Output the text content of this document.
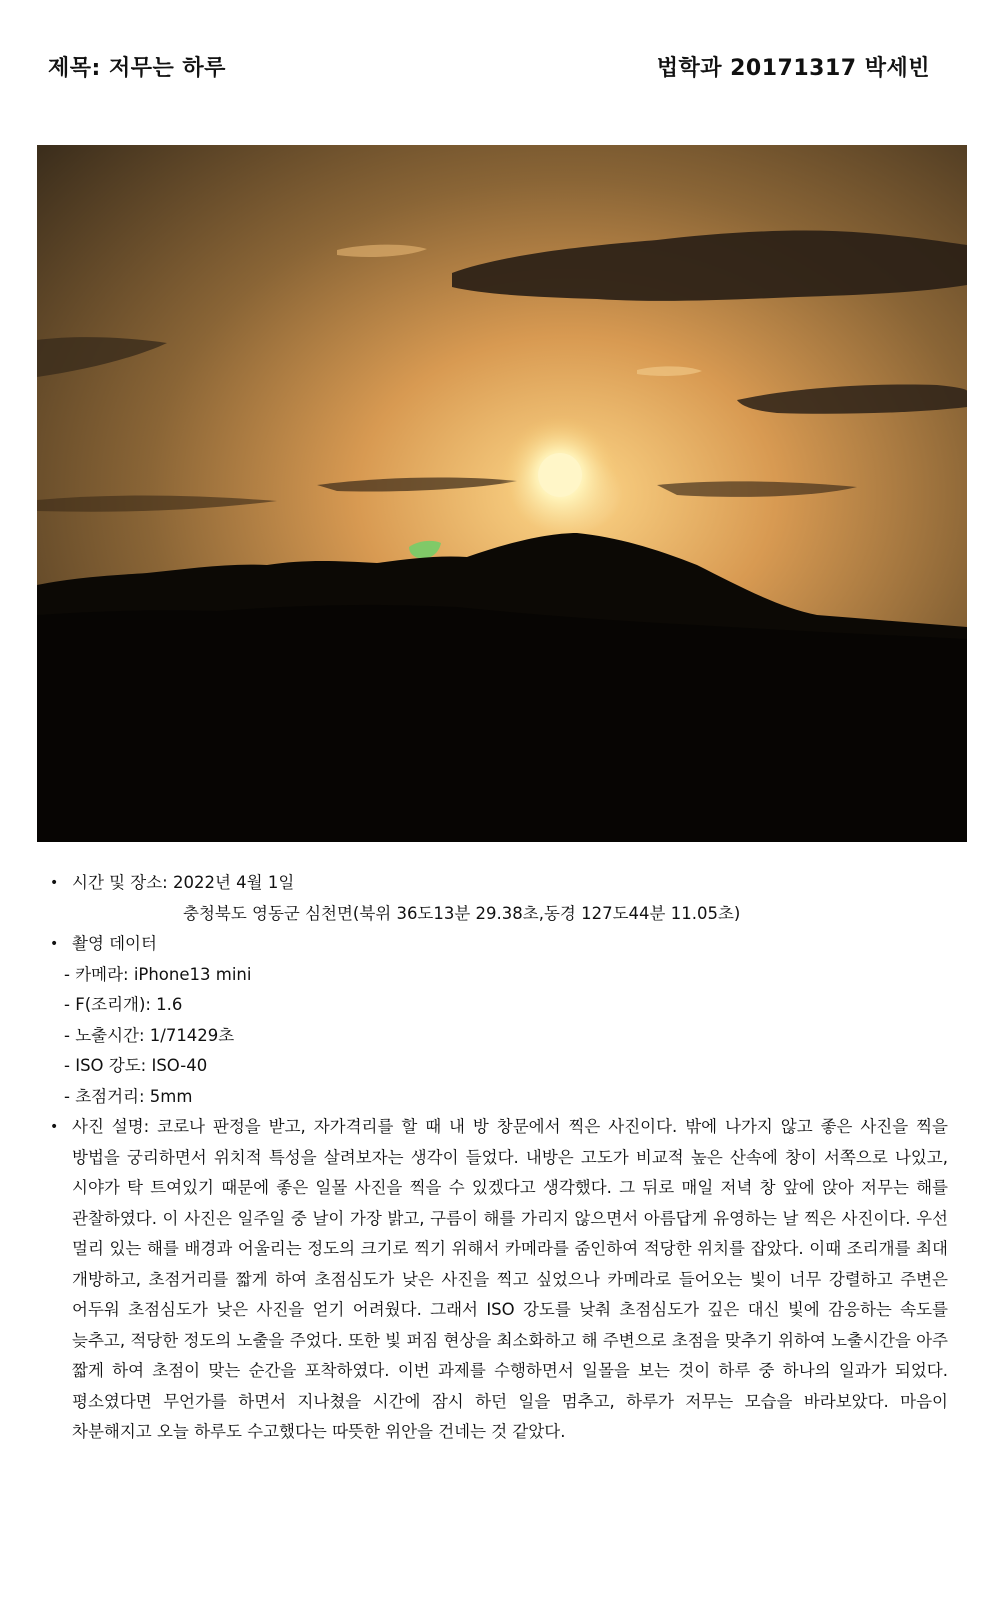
제목: 저무는 하루	법학과 20171317 박세빈
• 시간 및 장소: 2022년 4월 1일
충청북도 영동군 심천면(북위 36도13분 29.38초,동경 127도44분 11.05초)
• 촬영 데이터
- 카메라: iPhone13 mini
- F(조리개): 1.6
- 노출시간: 1/71429초
- ISO 강도: ISO-40
- 초점거리: 5mm
• 사진 설명: 코로나 판정을 받고, 자가격리를 할 때 내 방 창문에서 찍은 사진이다. 밖에 나가지 않고 좋은 사진을 찍을 방법을 궁리하면서 위치적 특성을 살려보자는 생각이 들었다. 내방은 고도가 비교적 높은 산속에 창이 서쪽으로 나있고, 시야가 탁 트여있기 때문에 좋은 일몰 사진을 찍을 수 있겠다고 생각했다. 그 뒤로 매일 저녁 창 앞에 앉아 저무는 해를 관찰하였다. 이 사진은 일주일 중 날이 가장 밝고, 구름이 해를 가리지 않으면서 아름답게 유영하는 날 찍은 사진이다. 우선 멀리 있는 해를 배경과 어울리는 정도의 크기로 찍기 위해서 카메라를 줌인하여 적당한 위치를 잡았다. 이때 조리개를 최대 개방하고, 초점거리를 짧게 하여 초점심도가 낮은 사진을 찍고 싶었으나 카메라로 들어오는 빛이 너무 강렬하고 주변은 어두워 초점심도가 낮은 사진을 얻기 어려웠다. 그래서 ISO 강도를 낮춰 초점심도가 깊은 대신 빛에 감응하는 속도를 늦추고, 적당한 정도의 노출을 주었다. 또한 빛 퍼짐 현상을 최소화하고 해 주변으로 초점을 맞추기 위하여 노출시간을 아주 짧게 하여 초점이 맞는 순간을 포착하였다. 이번 과제를 수행하면서 일몰을 보는 것이 하루 중 하나의 일과가 되었다. 평소였다면 무언가를 하면서 지나쳤을 시간에 잠시 하던 일을 멈추고, 하루가 저무는 모습을 바라보았다. 마음이 차분해지고 오늘 하루도 수고했다는 따뜻한 위안을 건네는 것 같았다.
